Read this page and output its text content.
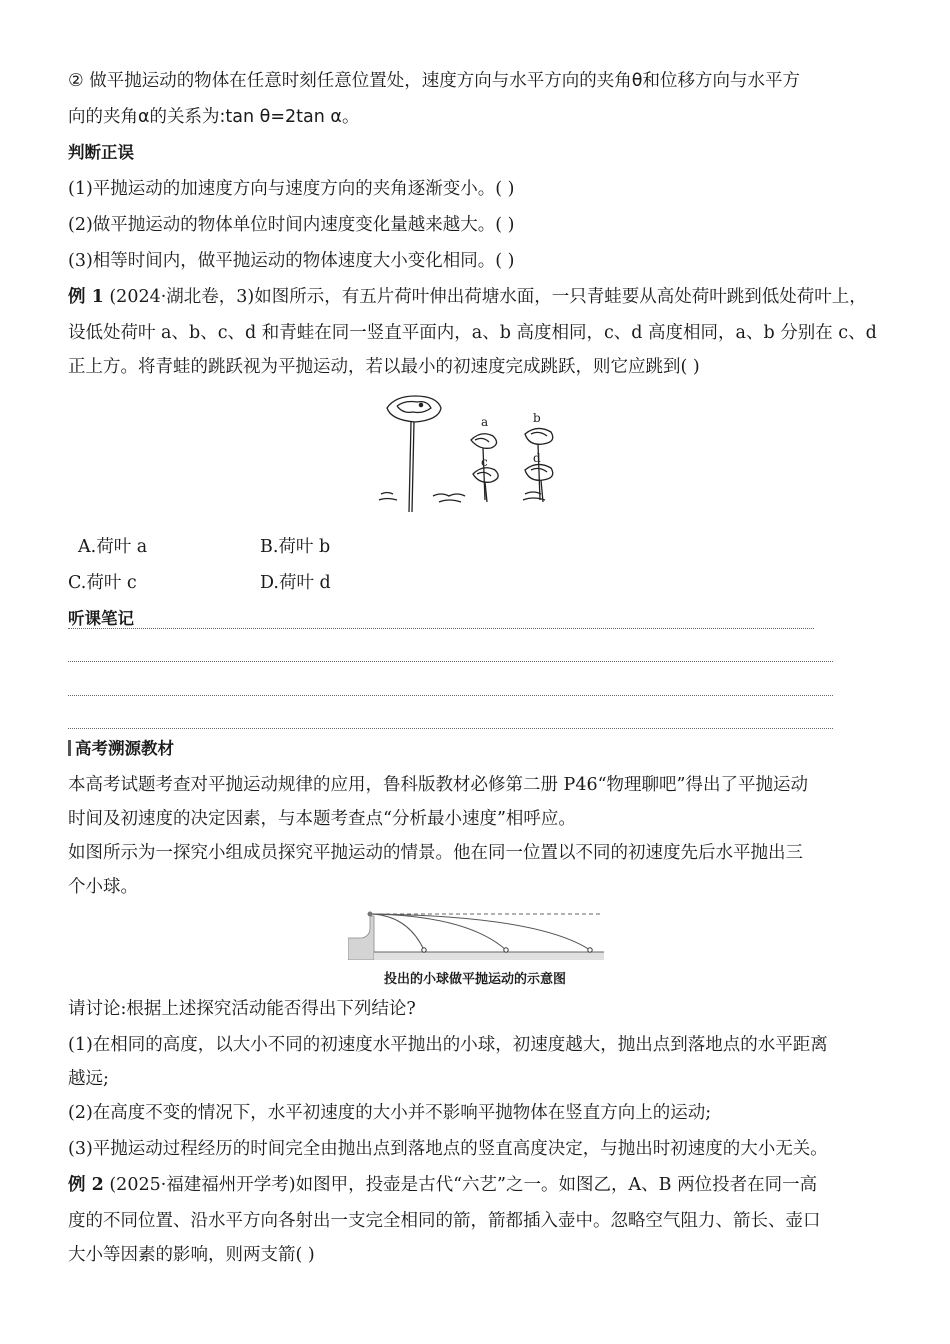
② 做平抛运动的物体在任意时刻任意位置处，速度方向与水平方向的夹角θ和位移方向与水平方
向的夹角α的关系为:tan θ=2tan α。
判断正误
(1)平抛运动的加速度方向与速度方向的夹角逐渐变小。( )
(2)做平抛运动的物体单位时间内速度变化量越来越大。( )
(3)相等时间内，做平抛运动的物体速度大小变化相同。( )
例 1 (2024·湖北卷，3)如图所示，有五片荷叶伸出荷塘水面，一只青蛙要从高处荷叶跳到低处荷叶上，
设低处荷叶 a、b、c、d 和青蛙在同一竖直平面内，a、b 高度相同，c、d 高度相同，a、b 分别在 c、d
正上方。将青蛙的跳跃视为平抛运动，若以最小的初速度完成跳跃，则它应跳到( )
a	b
c	d
A.荷叶 a	B.荷叶 b
C.荷叶 c	D.荷叶 d
听课笔记
高考溯源教材
本高考试题考查对平抛运动规律的应用，鲁科版教材必修第二册 P46“物理聊吧”得出了平抛运动
时间及初速度的决定因素，与本题考查点“分析最小速度”相呼应。
如图所示为一探究小组成员探究平抛运动的情景。他在同一位置以不同的初速度先后水平抛出三
个小球。
投出的小球做平抛运动的示意图
请讨论:根据上述探究活动能否得出下列结论?
(1)在相同的高度，以大小不同的初速度水平抛出的小球，初速度越大，抛出点到落地点的水平距离
越远;
(2)在高度不变的情况下，水平初速度的大小并不影响平抛物体在竖直方向上的运动;
(3)平抛运动过程经历的时间完全由抛出点到落地点的竖直高度决定，与抛出时初速度的大小无关。
例 2 (2025·福建福州开学考)如图甲，投壶是古代“六艺”之一。如图乙，A、B 两位投者在同一高
度的不同位置、沿水平方向各射出一支完全相同的箭，箭都插入壶中。忽略空气阻力、箭长、壶口
大小等因素的影响，则两支箭( )
